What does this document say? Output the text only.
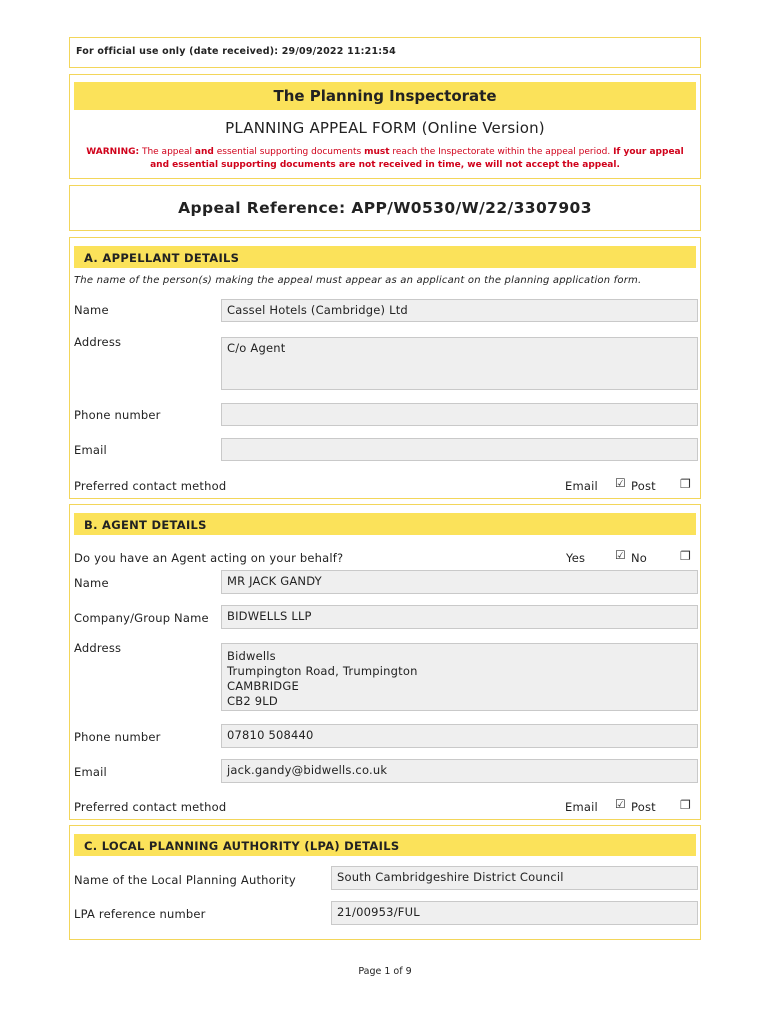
For official use only (date received): 29/09/2022 11:21:54
The Planning Inspectorate
PLANNING APPEAL FORM (Online Version)
WARNING: The appeal and essential supporting documents must reach the Inspectorate within the appeal period. If your appeal and essential supporting documents are not received in time, we will not accept the appeal.
Appeal Reference: APP/W0530/W/22/3307903
A. APPELLANT DETAILS
The name of the person(s) making the appeal must appear as an applicant on the planning application form.
Name	Cassel Hotels (Cambridge) Ltd
Address	C/o Agent
Phone number
Email
Preferred contact method	Email ☑ Post ❐
B. AGENT DETAILS
Do you have an Agent acting on your behalf?	Yes ☑ No	❐
Name	MR JACK GANDY
Company/Group Name	BIDWELLS LLP
Address
Bidwells
Trumpington Road, Trumpington
CAMBRIDGE
CB2 9LD
Phone number	07810 508440
Email	jack.gandy@bidwells.co.uk
Preferred contact method	Email ☑ Post ❐
C. LOCAL PLANNING AUTHORITY (LPA) DETAILS
Name of the Local Planning Authority	South Cambridgeshire District Council
LPA reference number	21/00953/FUL
Page 1 of 9
